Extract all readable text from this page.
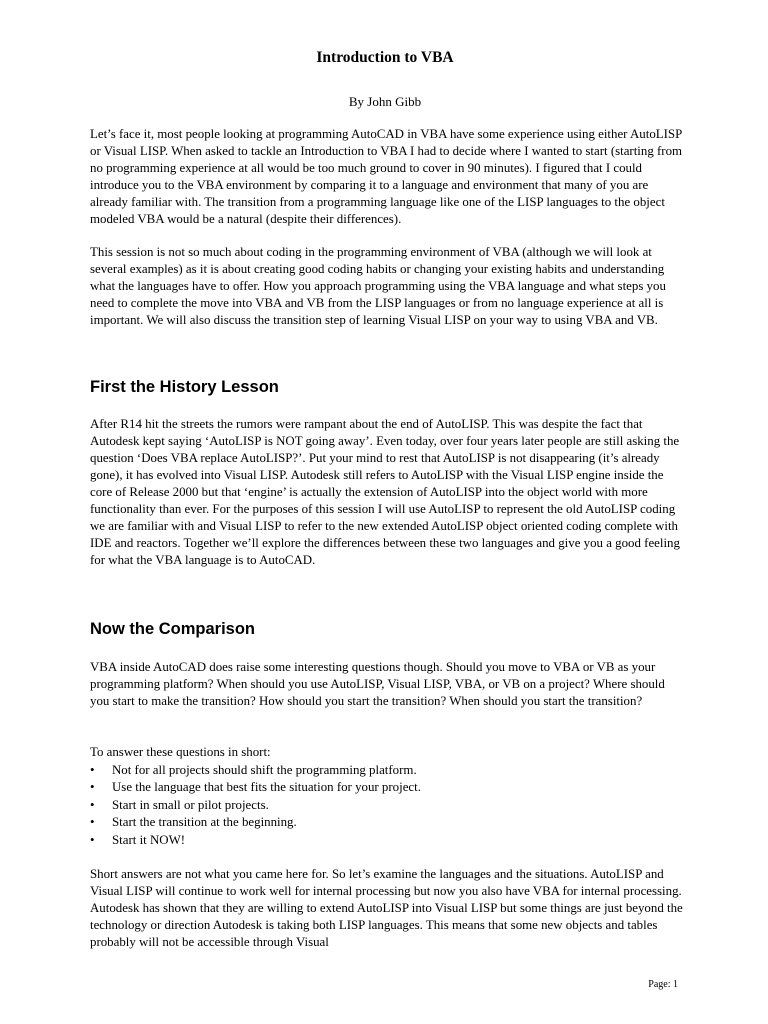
Introduction to VBA

By John Gibb

Let’s face it, most people looking at programming AutoCAD in VBA have some experience using either AutoLISP or Visual LISP. When asked to tackle an Introduction to VBA I had to decide where I wanted to start (starting from no programming experience at all would be too much ground to cover in 90 minutes). I figured that I could introduce you to the VBA environment by comparing it to a language and environment that many of you are already familiar with. The transition from a programming language like one of the LISP languages to the object modeled VBA would be a natural (despite their differences).

This session is not so much about coding in the programming environment of VBA (although we will look at several examples) as it is about creating good coding habits or changing your existing habits and understanding what the languages have to offer. How you approach programming using the VBA language and what steps you need to complete the move into VBA and VB from the LISP languages or from no language experience at all is important. We will also discuss the transition step of learning Visual LISP on your way to using VBA and VB.

First the History Lesson

After R14 hit the streets the rumors were rampant about the end of AutoLISP. This was despite the fact that Autodesk kept saying ‘AutoLISP is NOT going away’. Even today, over four years later people are still asking the question ‘Does VBA replace AutoLISP?’. Put your mind to rest that AutoLISP is not disappearing (it’s already gone), it has evolved into Visual LISP. Autodesk still refers to AutoLISP with the Visual LISP engine inside the core of Release 2000 but that ‘engine’ is actually the extension of AutoLISP into the object world with more functionality than ever. For the purposes of this session I will use AutoLISP to represent the old AutoLISP coding we are familiar with and Visual LISP to refer to the new extended AutoLISP object oriented coding complete with IDE and reactors. Together we’ll explore the differences between these two languages and give you a good feeling for what the VBA language is to AutoCAD.

Now the Comparison

VBA inside AutoCAD does raise some interesting questions though. Should you move to VBA or VB as your programming platform? When should you use AutoLISP, Visual LISP, VBA, or VB on a project? Where should you start to make the transition? How should you start the transition? When should you start the transition?

To answer these questions in short:

• Not for all projects should shift the programming platform.
• Use the language that best fits the situation for your project.
• Start in small or pilot projects.
• Start the transition at the beginning.
• Start it NOW!

Short answers are not what you came here for. So let’s examine the languages and the situations. AutoLISP and Visual LISP will continue to work well for internal processing but now you also have VBA for internal processing. Autodesk has shown that they are willing to extend AutoLISP into Visual LISP but some things are just beyond the technology or direction Autodesk is taking both LISP languages. This means that some new objects and tables probably will not be accessible through Visual

Page: 1
